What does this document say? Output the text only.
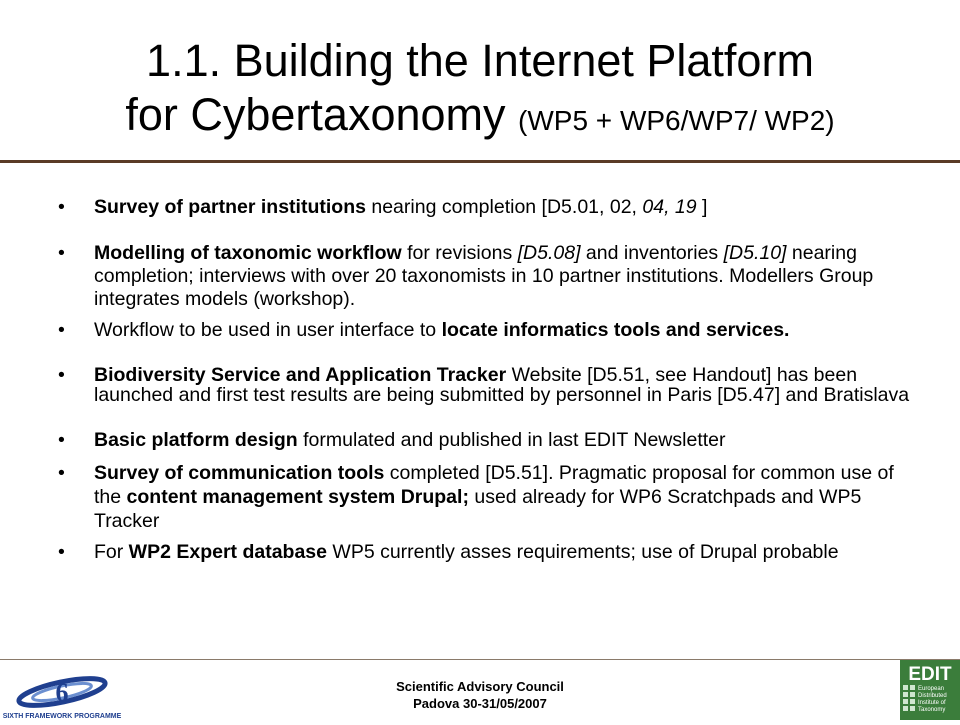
1.1. Building the Internet Platform
for Cybertaxonomy (WP5 + WP6/WP7/ WP2)
• Survey of partner institutions nearing completion [D5.01, 02, 04, 19 ]
• Modelling of taxonomic workflow for revisions [D5.08] and inventories [D5.10] nearing completion; interviews with over 20 taxonomists in 10 partner institutions. Modellers Group integrates models (workshop).
• Workflow to be used in user interface to locate informatics tools and services.
• Biodiversity Service and Application Tracker Website [D5.51, see Handout] has been launched and first test results are being submitted by personnel in Paris [D5.47] and Bratislava
• Basic platform design formulated and published in last EDIT Newsletter
• Survey of communication tools completed [D5.51]. Pragmatic proposal for common use of the content management system Drupal; used already for WP6 Scratchpads and WP5 Tracker
• For WP2 Expert database WP5 currently asses requirements; use of Drupal probable
6
SIXTH FRAMEWORK PROGRAMME
Scientific Advisory Council
Padova 30-31/05/2007
EDIT
European
Distributed
Institute of
Taxonomy
